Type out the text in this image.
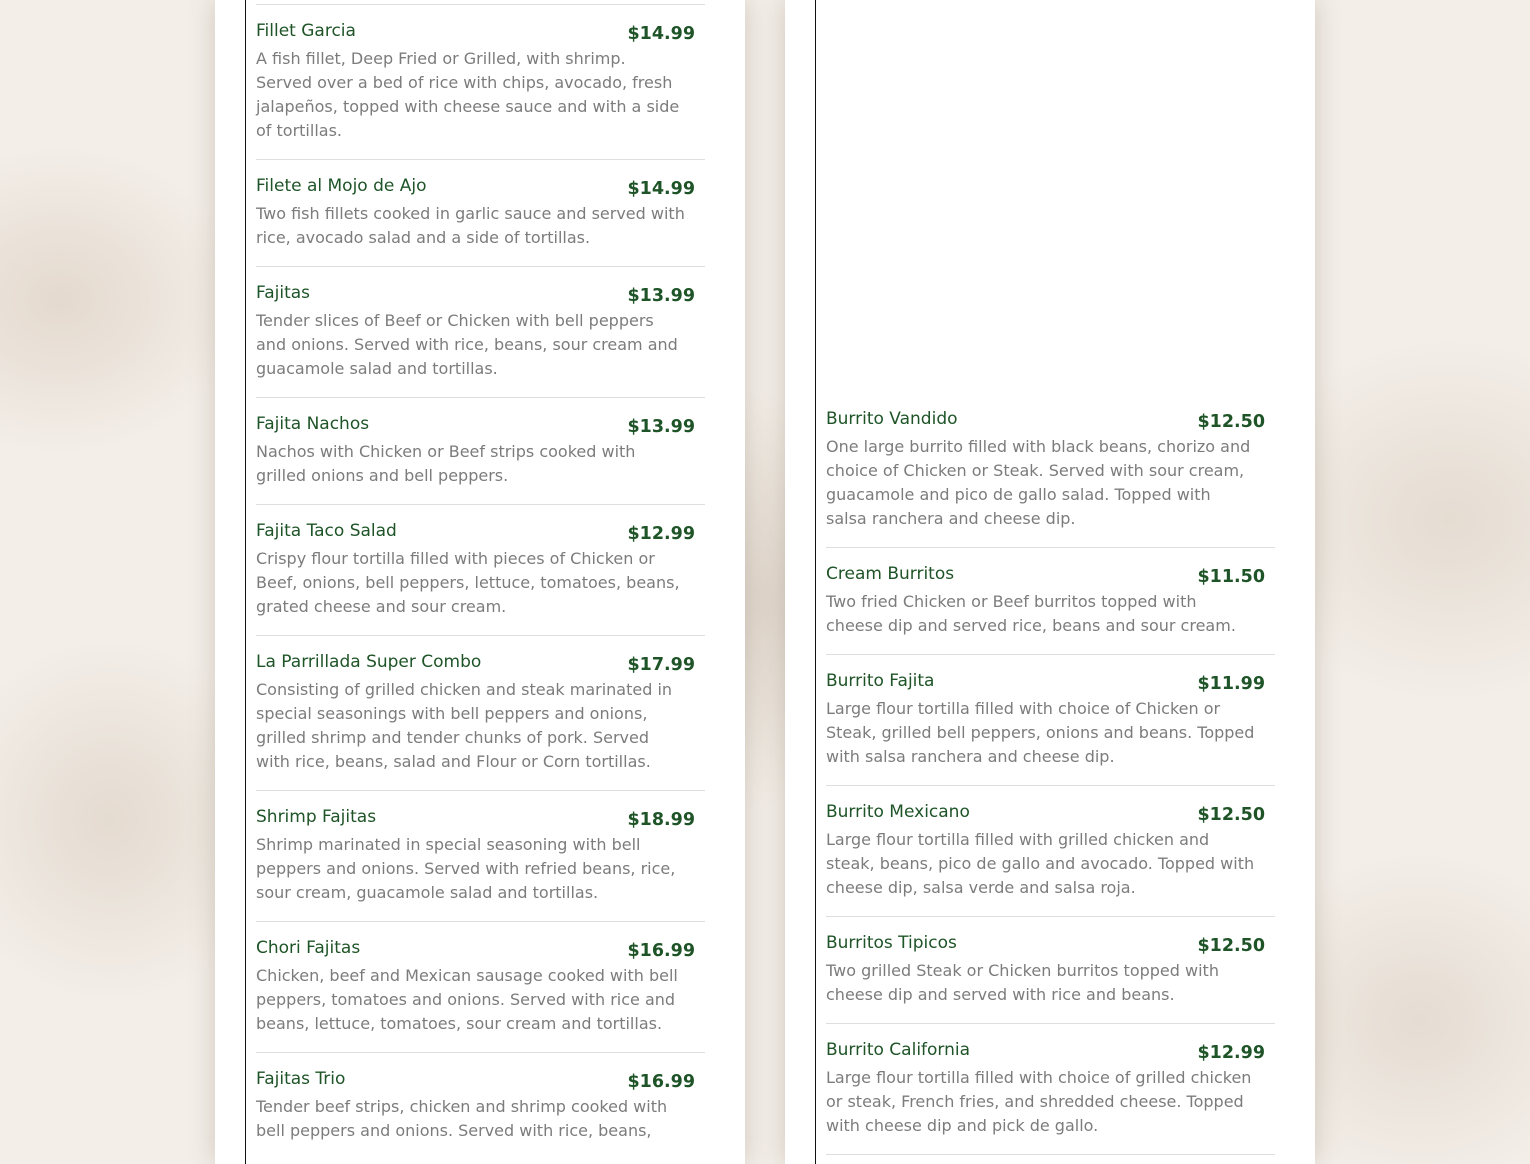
Fillet Garcia	$14.99
A fish fillet, Deep Fried or Grilled, with shrimp. Served over a bed of rice with chips, avocado, fresh jalapeños, topped with cheese sauce and with a side of tortillas.
Filete al Mojo de Ajo	$14.99
Two fish fillets cooked in garlic sauce and served with rice, avocado salad and a side of tortillas.
Fajitas	$13.99
Tender slices of Beef or Chicken with bell peppers and onions. Served with rice, beans, sour cream and guacamole salad and tortillas.
Fajita Nachos	$13.99
Nachos with Chicken or Beef strips cooked with grilled onions and bell peppers.
Fajita Taco Salad	$12.99
Crispy flour tortilla filled with pieces of Chicken or Beef, onions, bell peppers, lettuce, tomatoes, beans, grated cheese and sour cream.
La Parrillada Super Combo	$17.99
Consisting of grilled chicken and steak marinated in special seasonings with bell peppers and onions, grilled shrimp and tender chunks of pork. Served with rice, beans, salad and Flour or Corn tortillas.
Shrimp Fajitas	$18.99
Shrimp marinated in special seasoning with bell peppers and onions. Served with refried beans, rice, sour cream, guacamole salad and tortillas.
Chori Fajitas	$16.99
Chicken, beef and Mexican sausage cooked with bell peppers, tomatoes and onions. Served with rice and beans, lettuce, tomatoes, sour cream and tortillas.
Fajitas Trio	$16.99
Tender beef strips, chicken and shrimp cooked with bell peppers and onions. Served with rice, beans,
Burrito Vandido	$12.50
One large burrito filled with black beans, chorizo and choice of Chicken or Steak. Served with sour cream, guacamole and pico de gallo salad. Topped with salsa ranchera and cheese dip.
Cream Burritos	$11.50
Two fried Chicken or Beef burritos topped with cheese dip and served rice, beans and sour cream.
Burrito Fajita	$11.99
Large flour tortilla filled with choice of Chicken or Steak, grilled bell peppers, onions and beans. Topped with salsa ranchera and cheese dip.
Burrito Mexicano	$12.50
Large flour tortilla filled with grilled chicken and steak, beans, pico de gallo and avocado. Topped with cheese dip, salsa verde and salsa roja.
Burritos Tipicos	$12.50
Two grilled Steak or Chicken burritos topped with cheese dip and served with rice and beans.
Burrito California	$12.99
Large flour tortilla filled with choice of grilled chicken or steak, French fries, and shredded cheese. Topped with cheese dip and pick de gallo.
